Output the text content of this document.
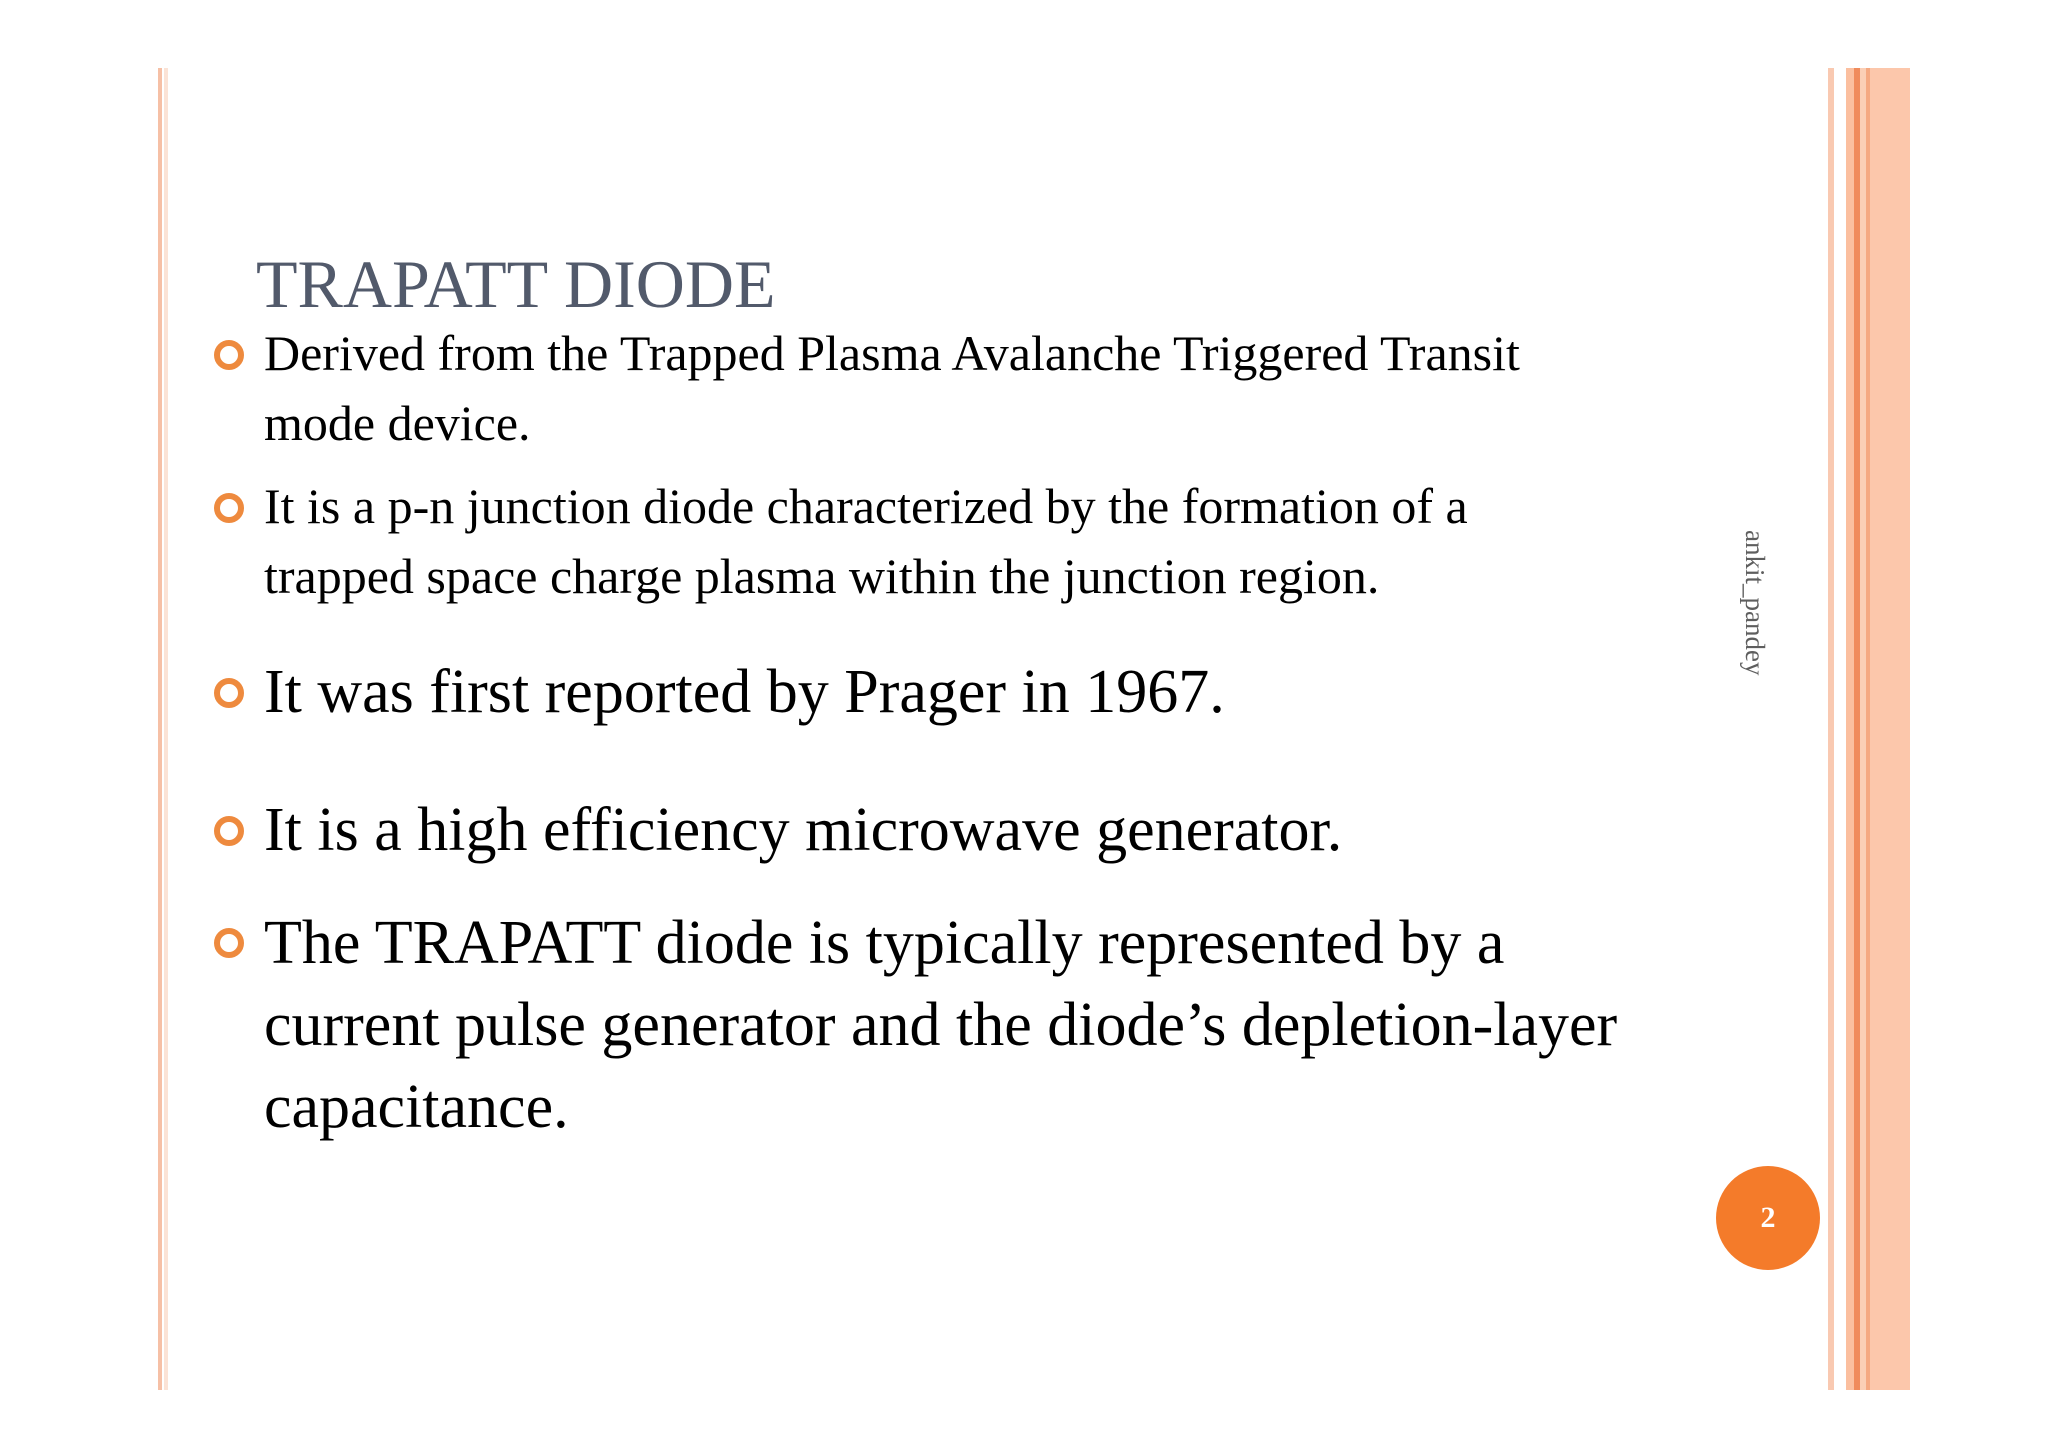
TRAPATT DIODE
Derived from the Trapped Plasma Avalanche Triggered Transit
mode device.
It is a p-n junction diode characterized by the formation of a
trapped space charge plasma within the junction region.
It was first reported by Prager in 1967.
It is a high efficiency microwave generator.
The TRAPATT diode is typically represented by a
current pulse generator and the diode’s depletion-layer
capacitance.
ankit_pandey
2
